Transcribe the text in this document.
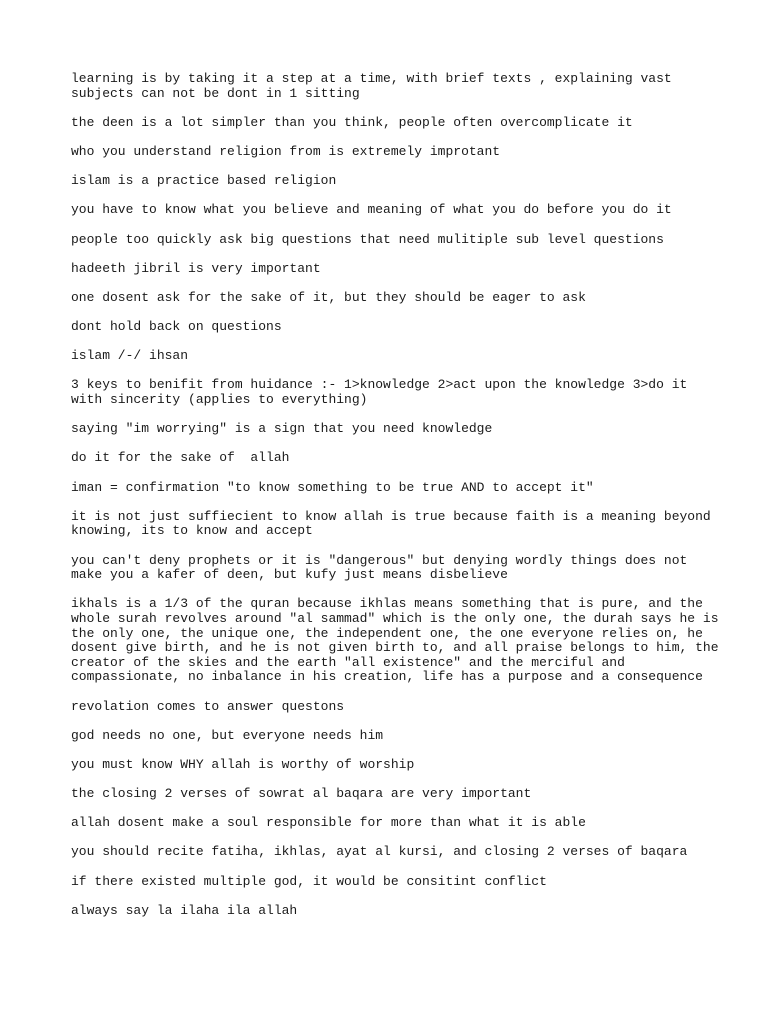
learning is by taking it a step at a time, with brief texts , explaining vast
subjects can not be dont in 1 sitting

the deen is a lot simpler than you think, people often overcomplicate it

who you understand religion from is extremely improtant

islam is a practice based religion

you have to know what you believe and meaning of what you do before you do it

people too quickly ask big questions that need mulitiple sub level questions

hadeeth jibril is very important

one dosent ask for the sake of it, but they should be eager to ask

dont hold back on questions

islam /-/ ihsan

3 keys to benifit from huidance :- 1>knowledge 2>act upon the knowledge 3>do it
with sincerity (applies to everything)

saying "im worrying" is a sign that you need knowledge

do it for the sake of  allah

iman = confirmation "to know something to be true AND to accept it"

it is not just suffiecient to know allah is true because faith is a meaning beyond
knowing, its to know and accept

you can't deny prophets or it is "dangerous" but denying wordly things does not
make you a kafer of deen, but kufy just means disbelieve

ikhals is a 1/3 of the quran because ikhlas means something that is pure, and the
whole surah revolves around "al sammad" which is the only one, the durah says he is
the only one, the unique one, the independent one, the one everyone relies on, he
dosent give birth, and he is not given birth to, and all praise belongs to him, the
creator of the skies and the earth "all existence" and the merciful and
compassionate, no inbalance in his creation, life has a purpose and a consequence

revolation comes to answer questons

god needs no one, but everyone needs him

you must know WHY allah is worthy of worship

the closing 2 verses of sowrat al baqara are very important

allah dosent make a soul responsible for more than what it is able

you should recite fatiha, ikhlas, ayat al kursi, and closing 2 verses of baqara

if there existed multiple god, it would be consitint conflict

always say la ilaha ila allah
